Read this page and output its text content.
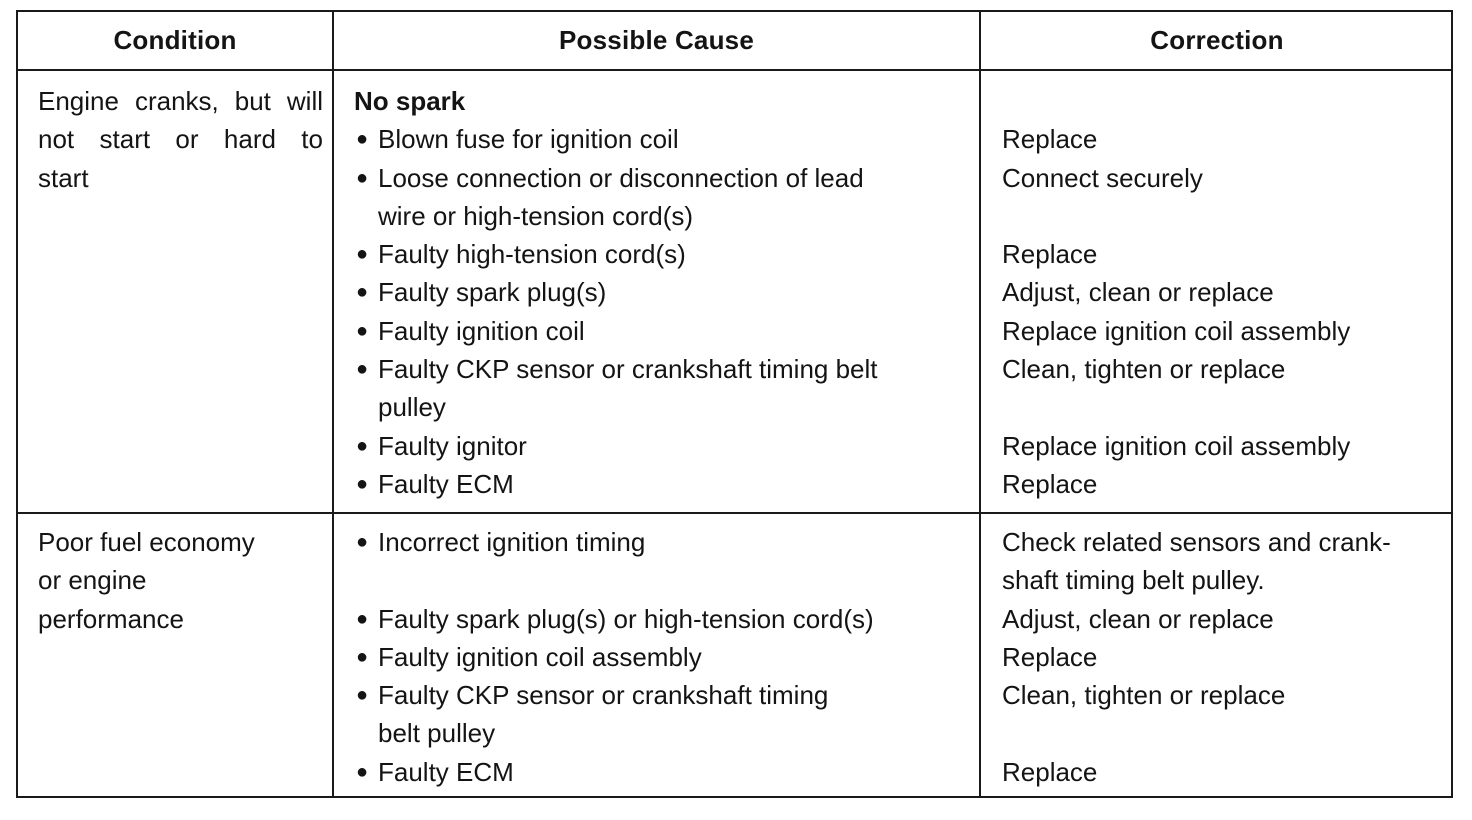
Condition	Possible Cause	Correction
Engine cranks, but will
not start or hard to
start
No spark
● Blown fuse for ignition coil
● Loose connection or disconnection of lead
wire or high-tension cord(s)
● Faulty high-tension cord(s)
● Faulty spark plug(s)
● Faulty ignition coil
● Faulty CKP sensor or crankshaft timing belt
pulley
● Faulty ignitor
● Faulty ECM
Replace
Connect securely
Replace
Adjust, clean or replace
Replace ignition coil assembly
Clean, tighten or replace
Replace ignition coil assembly
Replace
Poor fuel economy
or engine
performance
● Incorrect ignition timing
● Faulty spark plug(s) or high-tension cord(s)
● Faulty ignition coil assembly
● Faulty CKP sensor or crankshaft timing
belt pulley
● Faulty ECM
Check related sensors and crank-
shaft timing belt pulley.
Adjust, clean or replace
Replace
Clean, tighten or replace
Replace
